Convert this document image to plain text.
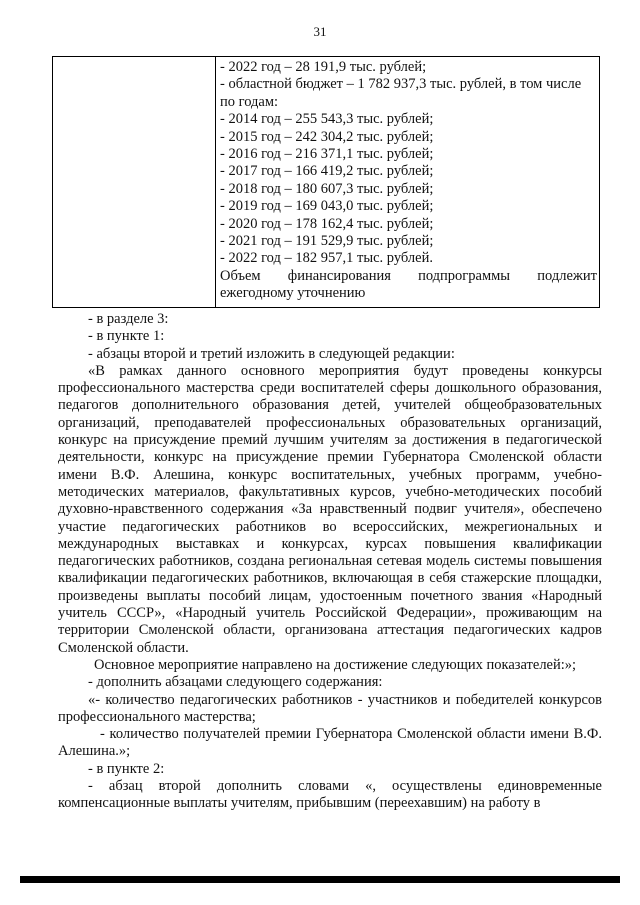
31

- 2022 год – 28 191,9 тыс. рублей;
- областной бюджет – 1 782 937,3 тыс. рублей, в том числе по годам:
- 2014 год – 255 543,3 тыс. рублей;
- 2015 год – 242 304,2 тыс. рублей;
- 2016 год – 216 371,1 тыс. рублей;
- 2017 год – 166 419,2 тыс. рублей;
- 2018 год – 180 607,3 тыс. рублей;
- 2019 год – 169 043,0 тыс. рублей;
- 2020 год – 178 162,4 тыс. рублей;
- 2021 год – 191 529,9 тыс. рублей;
- 2022 год – 182 957,1 тыс. рублей.
Объем финансирования подпрограммы подлежит
ежегодному уточнению

- в разделе 3:

- в пункте 1:

- абзацы второй и третий изложить в следующей редакции:

«В рамках данного основного мероприятия будут проведены конкурсы профессионального мастерства среди воспитателей сферы дошкольного образования, педагогов дополнительного образования детей, учителей общеобразовательных организаций, преподавателей профессиональных образовательных организаций, конкурс на присуждение премий лучшим учителям за достижения в педагогической деятельности, конкурс на присуждение премии Губернатора Смоленской области имени В.Ф. Алешина, конкурс воспитательных, учебных программ, учебно-методических материалов, факультативных курсов, учебно-методических пособий духовно-нравственного содержания «За нравственный подвиг учителя», обеспечено участие педагогических работников во всероссийских, межрегиональных и международных выставках и конкурсах, курсах повышения квалификации педагогических работников, создана региональная сетевая модель системы повышения квалификации педагогических работников, включающая в себя стажерские площадки, произведены выплаты пособий лицам, удостоенным почетного звания «Народный учитель СССР», «Народный учитель Российской Федерации», проживающим на территории Смоленской области, организована аттестация педагогических кадров Смоленской области.

Основное мероприятие направлено на достижение следующих показателей:»;

- дополнить абзацами следующего содержания:

«- количество педагогических работников - участников и победителей конкурсов профессионального мастерства;

- количество получателей премии Губернатора Смоленской области имени В.Ф. Алешина.»;

- в пункте 2:

- абзац второй дополнить словами «, осуществлены единовременные компенсационные выплаты учителям, прибывшим (переехавшим) на работу в
